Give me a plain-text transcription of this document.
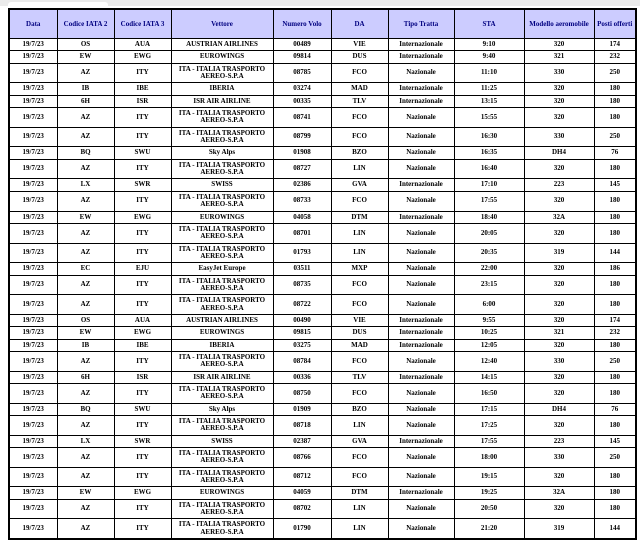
Data	Codice IATA 2	Codice IATA 3	Vettore	Numero Volo	DA	Tipo Tratta	STA	Modello aeromobile	Posti offerti
19/7/23	OS	AUA	AUSTRIAN AIRLINES	00489	VIE	Internazionale	9:10	320	174
19/7/23	EW	EWG	EUROWINGS	09814	DUS	Internazionale	9:40	321	232
19/7/23	AZ	ITY	ITA - ITALIA TRASPORTO AEREO-S.P.A	08785	FCO	Nazionale	11:10	330	250
19/7/23	IB	IBE	IBERIA	03274	MAD	Internazionale	11:25	320	180
19/7/23	6H	ISR	ISR AIR AIRLINE	00335	TLV	Internazionale	13:15	320	180
19/7/23	AZ	ITY	ITA - ITALIA TRASPORTO AEREO-S.P.A	08741	FCO	Nazionale	15:55	320	180
19/7/23	AZ	ITY	ITA - ITALIA TRASPORTO AEREO-S.P.A	08799	FCO	Nazionale	16:30	330	250
19/7/23	BQ	SWU	Sky Alps	01908	BZO	Nazionale	16:35	DH4	76
19/7/23	AZ	ITY	ITA - ITALIA TRASPORTO AEREO-S.P.A	08727	LIN	Nazionale	16:40	320	180
19/7/23	LX	SWR	SWISS	02386	GVA	Internazionale	17:10	223	145
19/7/23	AZ	ITY	ITA - ITALIA TRASPORTO AEREO-S.P.A	08733	FCO	Nazionale	17:55	320	180
19/7/23	EW	EWG	EUROWINGS	04058	DTM	Internazionale	18:40	32A	180
19/7/23	AZ	ITY	ITA - ITALIA TRASPORTO AEREO-S.P.A	08701	LIN	Nazionale	20:05	320	180
19/7/23	AZ	ITY	ITA - ITALIA TRASPORTO AEREO-S.P.A	01793	LIN	Nazionale	20:35	319	144
19/7/23	EC	EJU	EasyJet Europe	03511	MXP	Nazionale	22:00	320	186
19/7/23	AZ	ITY	ITA - ITALIA TRASPORTO AEREO-S.P.A	08735	FCO	Nazionale	23:15	320	180
19/7/23	AZ	ITY	ITA - ITALIA TRASPORTO AEREO-S.P.A	08722	FCO	Nazionale	6:00	320	180
19/7/23	OS	AUA	AUSTRIAN AIRLINES	00490	VIE	Internazionale	9:55	320	174
19/7/23	EW	EWG	EUROWINGS	09815	DUS	Internazionale	10:25	321	232
19/7/23	IB	IBE	IBERIA	03275	MAD	Internazionale	12:05	320	180
19/7/23	AZ	ITY	ITA - ITALIA TRASPORTO AEREO-S.P.A	08784	FCO	Nazionale	12:40	330	250
19/7/23	6H	ISR	ISR AIR AIRLINE	00336	TLV	Internazionale	14:15	320	180
19/7/23	AZ	ITY	ITA - ITALIA TRASPORTO AEREO-S.P.A	08750	FCO	Nazionale	16:50	320	180
19/7/23	BQ	SWU	Sky Alps	01909	BZO	Nazionale	17:15	DH4	76
19/7/23	AZ	ITY	ITA - ITALIA TRASPORTO AEREO-S.P.A	08718	LIN	Nazionale	17:25	320	180
19/7/23	LX	SWR	SWISS	02387	GVA	Internazionale	17:55	223	145
19/7/23	AZ	ITY	ITA - ITALIA TRASPORTO AEREO-S.P.A	08766	FCO	Nazionale	18:00	330	250
19/7/23	AZ	ITY	ITA - ITALIA TRASPORTO AEREO-S.P.A	08712	FCO	Nazionale	19:15	320	180
19/7/23	EW	EWG	EUROWINGS	04059	DTM	Internazionale	19:25	32A	180
19/7/23	AZ	ITY	ITA - ITALIA TRASPORTO AEREO-S.P.A	08702	LIN	Nazionale	20:50	320	180
19/7/23	AZ	ITY	ITA - ITALIA TRASPORTO AEREO-S.P.A	01790	LIN	Nazionale	21:20	319	144
